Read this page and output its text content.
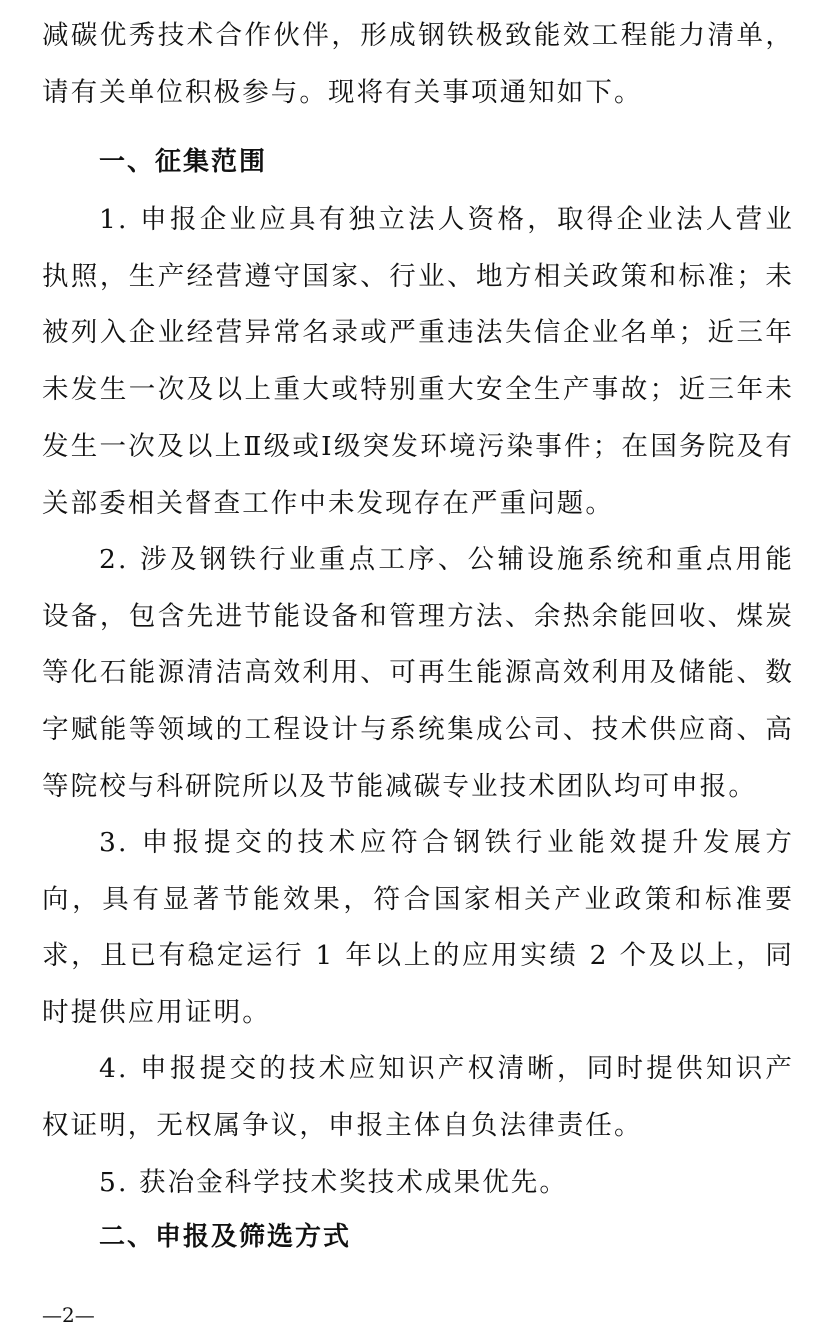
减碳优秀技术合作伙伴，形成钢铁极致能效工程能力清单，请有关单位积极参与。现将有关事项通知如下。

一、征集范围

1. 申报企业应具有独立法人资格，取得企业法人营业执照，生产经营遵守国家、行业、地方相关政策和标准；未被列入企业经营异常名录或严重违法失信企业名单；近三年未发生一次及以上重大或特别重大安全生产事故；近三年未发生一次及以上Ⅱ级或Ⅰ级突发环境污染事件；在国务院及有关部委相关督查工作中未发现存在严重问题。

2. 涉及钢铁行业重点工序、公辅设施系统和重点用能设备，包含先进节能设备和管理方法、余热余能回收、煤炭等化石能源清洁高效利用、可再生能源高效利用及储能、数字赋能等领域的工程设计与系统集成公司、技术供应商、高等院校与科研院所以及节能减碳专业技术团队均可申报。

3. 申报提交的技术应符合钢铁行业能效提升发展方向，具有显著节能效果，符合国家相关产业政策和标准要求，且已有稳定运行 1 年以上的应用实绩 2 个及以上，同时提供应用证明。

4. 申报提交的技术应知识产权清晰，同时提供知识产权证明，无权属争议，申报主体自负法律责任。

5. 获冶金科学技术奖技术成果优先。

二、申报及筛选方式
—2—
